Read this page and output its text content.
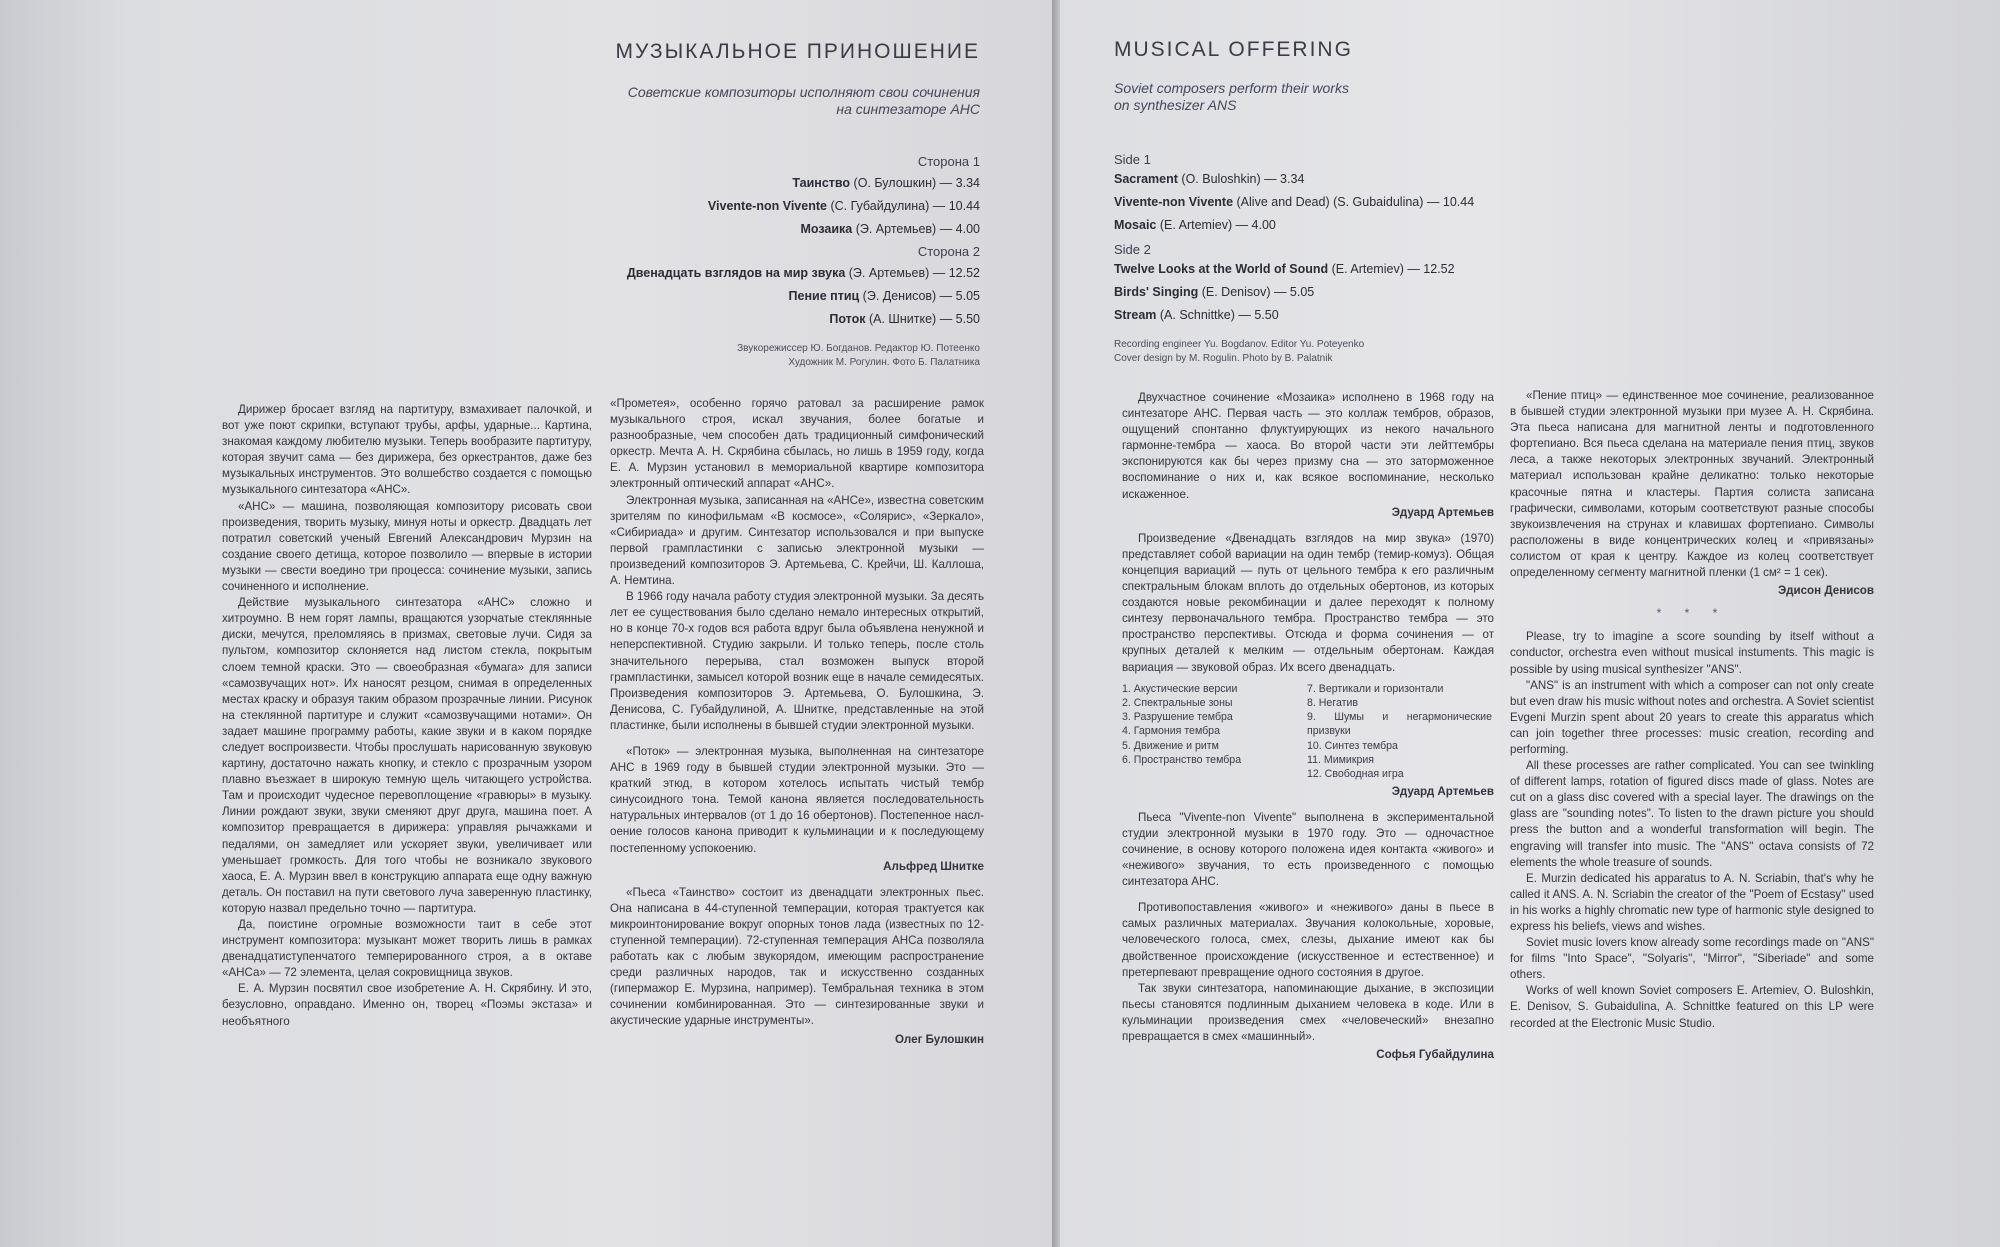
МУЗЫКАЛЬНОЕ ПРИНОШЕНИЕ
Советские композиторы исполняют свои сочинения
на синтезаторе АНС
Сторона 1
Таинство (О. Булошкин) — 3.34
Vivente-non Vivente (С. Губайдулина) — 10.44
Мозаика (Э. Артемьев) — 4.00
Сторона 2
Двенадцать взглядов на мир звука (Э. Артемьев) — 12.52
Пение птиц (Э. Денисов) — 5.05
Поток (А. Шнитке) — 5.50
Звукорежиссер Ю. Богданов. Редактор Ю. Потеенко
Художник М. Рогулин. Фото Б. Палатника
MUSICAL OFFERING
Soviet composers perform their works
on synthesizer ANS
Side 1
Sacrament (O. Buloshkin) — 3.34
Vivente-non Vivente (Alive and Dead) (S. Gubaidulina) — 10.44
Mosaic (E. Artemiev) — 4.00
Side 2
Twelve Looks at the World of Sound (E. Artemiev) — 12.52
Birds' Singing (E. Denisov) — 5.05
Stream (A. Schnittke) — 5.50
Recording engineer Yu. Bogdanov. Editor Yu. Poteyenko
Cover design by M. Rogulin. Photo by B. Palatnik

Дирижер бросает взгляд на партитуру, взмахивает палочкой, и вот уже поют скрипки, вступают трубы, арфы, ударные... Картина, знакомая каждому любителю музыки. Теперь вообразите партитуру, которая звучит сама — без дирижера, без оркестрантов, даже без музыкальных инструментов. Это волшебство создается с помощью музыкального синтезатора «АНС».

«АНС» — машина, позволяющая композитору рисовать свои произведения, творить музыку, минуя ноты и оркестр. Двадцать лет потратил советский ученый Евгений Александрович Мурзин на создание своего детища, которое позволило — впервые в истории музыки — свести воедино три процесса: сочинение музыки, запись сочиненного и исполнение.

Действие музыкального синтезатора «АНС» сложно и хитроумно. В нем горят лампы, вращаются узорчатые стеклянные диски, мечутся, преломляясь в призмах, световые лучи. Сидя за пультом, композитор склоняется над листом стекла, покрытым слоем темной краски. Это — своеобразная «бумага» для записи «самозвучащих нот». Их наносят резцом, снимая в определенных местах краску и образуя таким образом прозрачные линии. Рисунок на стеклянной партитуре и служит «самозвучащими нотами». Он задает машине программу работы, какие звуки и в каком порядке следует воспроизвести. Чтобы прослушать нарисованную звуковую картину, достаточно нажать кнопку, и стекло с прозрачным узором плавно въезжает в широкую темную щель читающего устройства. Там и происходит чудесное перевоплощение «гравюры» в музыку. Линии рождают звуки, звуки сменяют друг друга, машина поет. А композитор превращается в дирижера: управляя рычажками и педалями, он замедляет или ускоряет звуки, увеличивает или уменьшает громкость. Для того чтобы не возникало звукового хаоса, Е. А. Мурзин ввел в конструкцию аппарата еще одну важную деталь. Он поставил на пути светового луча заверенную пластинку, которую назвал предельно точно — партитура.

Да, поистине огромные возможности таит в себе этот инструмент композитора: музыкант может творить лишь в рамках двенадцатиступенчатого темперированного строя, а в октаве «АНСа» — 72 элемента, целая сокровищница звуков.

Е. А. Мурзин посвятил свое изобретение А. Н. Скрябину. И это, безусловно, оправдано. Именно он, творец «Поэмы экстаза» и необъятного

«Прометея», особенно горячо ратовал за расширение рамок музыкального строя, искал звучания, более богатые и разнообразные, чем способен дать традиционный симфонический оркестр. Мечта А. Н. Скрябина сбылась, но лишь в 1959 году, когда Е. А. Мурзин установил в мемориальной квартире композитора электронный оптический аппарат «АНС».

Электронная музыка, записанная на «АНСе», известна советским зрителям по кинофильмам «В космосе», «Солярис», «Зеркало», «Сибириада» и другим. Синтезатор использовался и при выпуске первой грампластинки с записью электронной музыки — произведений композиторов Э. Артемьева, С. Крейчи, Ш. Каллоша, А. Немтина.

В 1966 году начала работу студия электронной музыки. За десять лет ее существования было сделано немало интересных открытий, но в конце 70-х годов вся работа вдруг была объявлена ненужной и неперспективной. Студию закрыли. И только теперь, после столь значительного перерыва, стал возможен выпуск второй грампластинки, замысел которой возник еще в начале семидесятых. Произведения композиторов Э. Артемьева, О. Булошкина, Э. Денисова, С. Губайдулиной, А. Шнитке, представленные на этой пластинке, были исполнены в бывшей студии электронной музыки.

«Поток» — электронная музыка, выполненная на синтезаторе АНС в 1969 году в бывшей студии электронной музыки. Это — краткий этюд, в котором хотелось испытать чистый тембр синусоидного тона. Темой канона является последовательность натуральных интервалов (от 1 до 16 обертонов). Постепенное наслоение голосов канона приводит к кульминации и к последующему постепенному успокоению.

Альфред Шнитке

«Пьеса «Таинство» состоит из двенадцати электронных пьес. Она написана в 44-ступенной темперации, которая трактуется как микроинтонирование вокруг опорных тонов лада (известных по 12-ступенной темперации). 72-ступенная темперация АНСа позволяла работать как с любым звукорядом, имеющим распространение среди различных народов, так и искусственно созданных (гипермажор Е. Мурзина, например). Тембральная техника в этом сочинении комбинированная. Это — синтезированные звуки и акустические ударные инструменты».

Олег Булошкин

Двухчастное сочинение «Мозаика» исполнено в 1968 году на синтезаторе АНС. Первая часть — это коллаж тембров, образов, ощущений спонтанно флуктуирующих из некого начального гармонне-тембра — хаоса. Во второй части эти лейттембры экспонируются как бы через призму сна — это заторможенное воспоминание о них и, как всякое воспоминание, несколько искаженное.

Эдуард Артемьев

Произведение «Двенадцать взглядов на мир звука» (1970) представляет собой вариации на один тембр (темир-комуз). Общая концепция вариаций — путь от цельного тембра к его различным спектральным блокам вплоть до отдельных обертонов, из которых создаются новые рекомбинации и далее переходят к полному синтезу первоначального тембра. Пространство тембра — это пространство перспективы. Отсюда и форма сочинения — от крупных деталей к мелким — отдельным обертонам. Каждая вариация — звуковой образ. Их всего двенадцать.

1. Акустические версии
2. Спектральные зоны
3. Разрушение тембра
4. Гармония тембра
5. Движение и ритм
6. Пространство тембра
7. Вертикали и горизонтали
8. Негатив
9. Шумы и негармонические призвуки
10. Синтез тембра
11. Мимикрия
12. Свободная игра
Эдуард Артемьев

Пьеса "Vivente-non Vivente" выполнена в экспериментальной студии электронной музыки в 1970 году. Это — одночастное сочинение, в основу которого положена идея контакта «живого» и «неживого» звучания, то есть произведенного с помощью синтезатора АНС.

Противопоставления «живого» и «неживого» даны в пьесе в самых различных материалах. Звучания колокольные, хоровые, человеческого голоса, смех, слезы, дыхание имеют как бы двойственное происхождение (искусственное и естественное) и претерпевают превращение одного состояния в другое.

Так звуки синтезатора, напоминающие дыхание, в экспозиции пьесы становятся подлинным дыханием человека в коде. Или в кульминации произведения смех «человеческий» внезапно превращается в смех «машинный».

Софья Губайдулина

«Пение птиц» — единственное мое сочинение, реализованное в бывшей студии электронной музыки при музее А. Н. Скрябина. Эта пьеса написана для магнитной ленты и подготовленного фортепиано. Вся пьеса сделана на материале пения птиц, звуков леса, а также некоторых электронных звучаний. Электронный материал использован крайне деликатно: только некоторые красочные пятна и кластеры. Партия солиста записана графически, символами, которым соответствуют разные способы звукоизвлечения на струнах и клавишах фортепиано. Символы расположены в виде концентрических колец и «привязаны» солистом от края к центру. Каждое из колец соответствует определенному сегменту магнитной пленки (1 см² = 1 сек).

Эдисон Денисов
* * *

Please, try to imagine a score sounding by itself without a conductor, orchestra even without musical instuments. This magic is possible by using musical synthesizer "ANS".

"ANS" is an instrument with which a composer can not only create but even draw his music without notes and orchestra. A Soviet scientist Evgeni Murzin spent about 20 years to create this apparatus which can join together three processes: music creation, recording and performing.

All these processes are rather complicated. You can see twinkling of different lamps, rotation of figured discs made of glass. Notes are cut on a glass disc covered with a special layer. The drawings on the glass are "sounding notes". To listen to the drawn picture you should press the button and a wonderful transformation will begin. The engraving will transfer into music. The "ANS" octava consists of 72 elements the whole treasure of sounds.

E. Murzin dedicated his apparatus to A. N. Scriabin, that's why he called it ANS. A. N. Scriabin the creator of the "Poem of Ecstasy" used in his works a highly chromatic new type of harmonic style designed to express his beliefs, views and wishes.

Soviet music lovers know already some recordings made on "ANS" for films "Into Space", "Solyaris", "Mirror", "Siberiade" and some others.

Works of well known Soviet composers E. Artemiev, O. Buloshkin, E. Denisov, S. Gubaidulina, A. Schnittke featured on this LP were recorded at the Electronic Music Studio.
